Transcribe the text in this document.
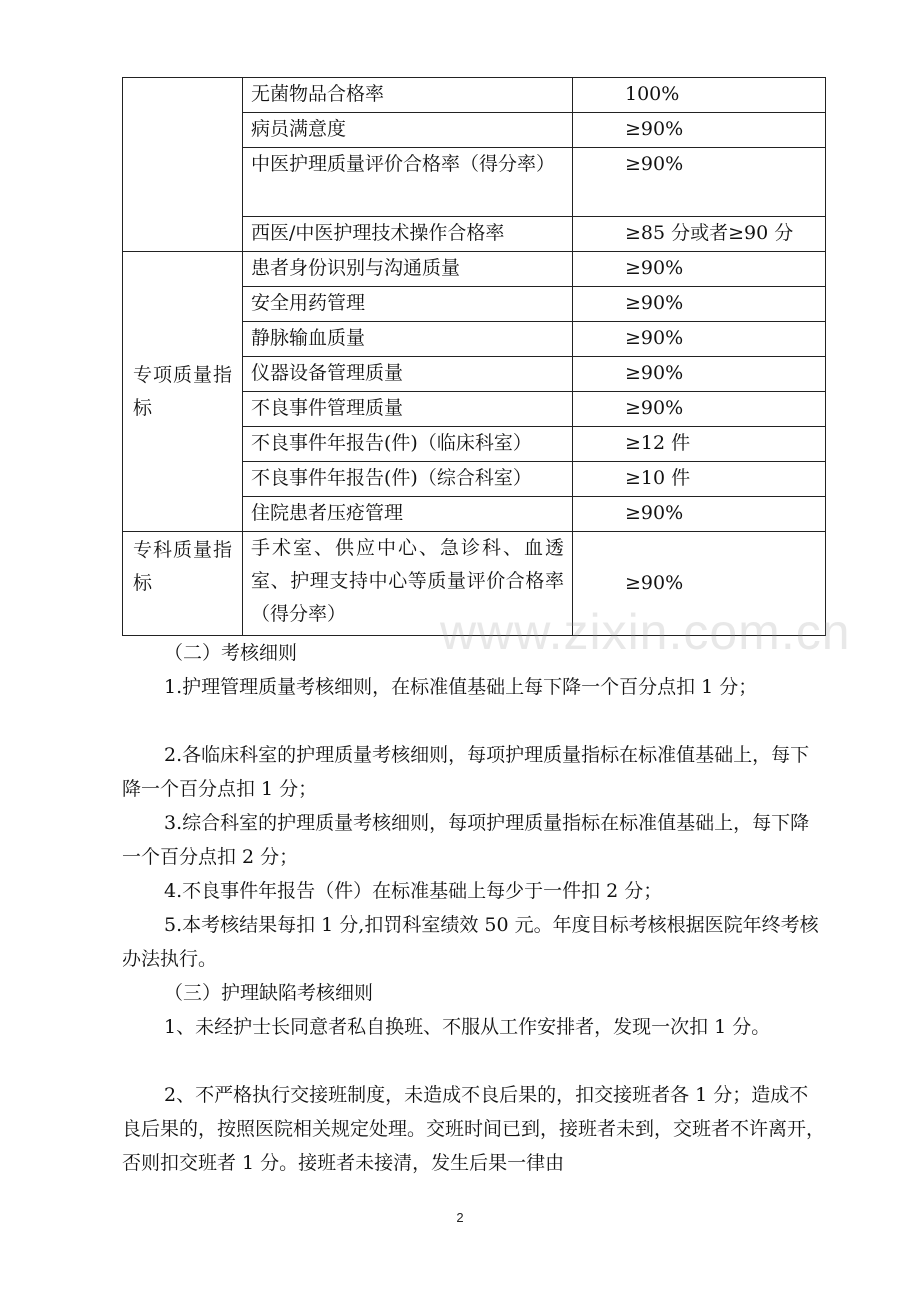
	无菌物品合格率	100%
	病员满意度	≥90%
	中医护理质量评价合格率（得分率）	≥90%
	西医/中医护理技术操作合格率	≥85 分或者≥90 分

专项质量指标	患者身份识别与沟通质量	≥90%
	安全用药管理	≥90%
	静脉输血质量	≥90%
	仪器设备管理质量	≥90%
	不良事件管理质量	≥90%
	不良事件年报告(件)（临床科室）	≥12 件
	不良事件年报告(件)（综合科室）	≥10 件
	住院患者压疮管理	≥90%

专科质量指标	手术室、供应中心、急诊科、血透室、护理支持中心等质量评价合格率（得分率）	≥90%
www.zixin.com.cn

（二）考核细则

1.护理管理质量考核细则，在标准值基础上每下降一个百分点扣 1 分；

2.各临床科室的护理质量考核细则，每项护理质量指标在标准值基础上，每下降一个百分点扣 1 分；

3.综合科室的护理质量考核细则，每项护理质量指标在标准值基础上，每下降一个百分点扣 2 分；

4.不良事件年报告（件）在标准基础上每少于一件扣 2 分；

5.本考核结果每扣 1 分,扣罚科室绩效 50 元。年度目标考核根据医院年终考核办法执行。

（三）护理缺陷考核细则

1、未经护士长同意者私自换班、不服从工作安排者，发现一次扣 1 分。

2、不严格执行交接班制度，未造成不良后果的，扣交接班者各 1 分；造成不良后果的，按照医院相关规定处理。交班时间已到，接班者未到，交班者不许离开，否则扣交班者 1 分。接班者未接清，发生后果一律由

2
